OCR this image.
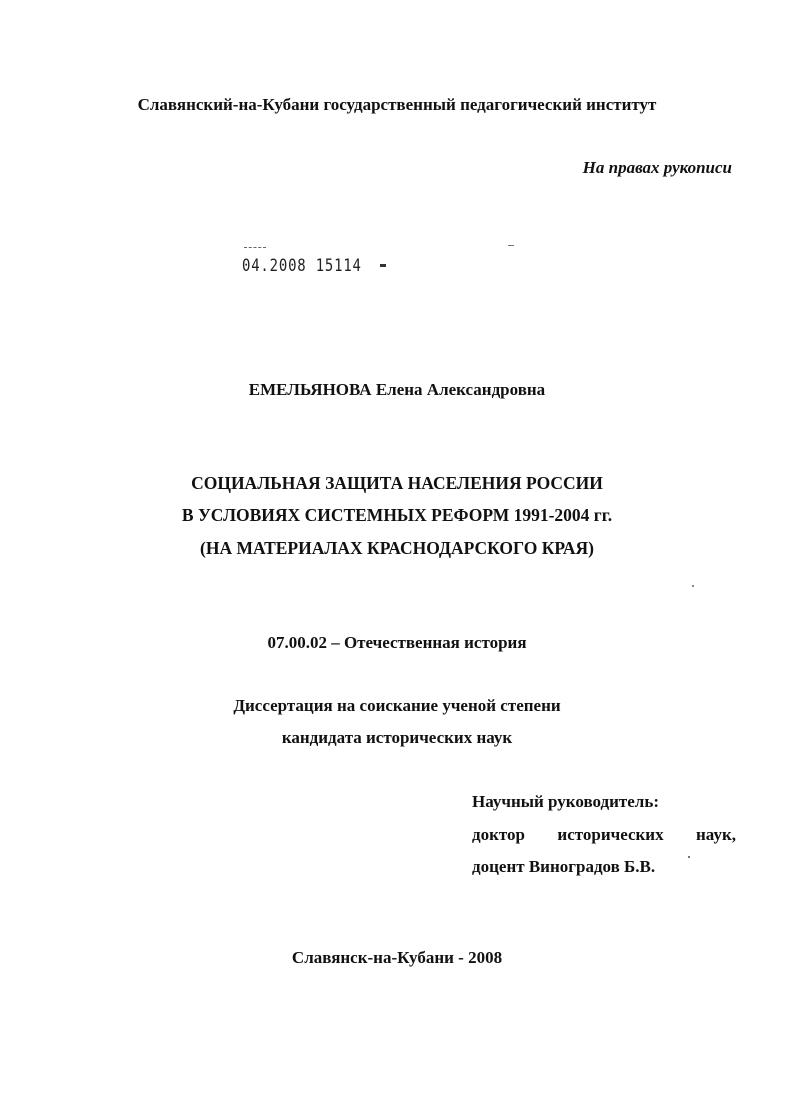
Славянский-на-Кубани государственный педагогический институт
На правах рукописи
04.2008 15114
ЕМЕЛЬЯНОВА Елена Александровна
СОЦИАЛЬНАЯ ЗАЩИТА НАСЕЛЕНИЯ РОССИИ
В УСЛОВИЯХ СИСТЕМНЫХ РЕФОРМ 1991-2004 гг.
(НА МАТЕРИАЛАХ КРАСНОДАРСКОГО КРАЯ)
07.00.02 – Отечественная история
Диссертация на соискание ученой степени
кандидата исторических наук
Научный руководитель:
доктор исторических наук,
доцент Виноградов Б.В.
Славянск-на-Кубани - 2008
